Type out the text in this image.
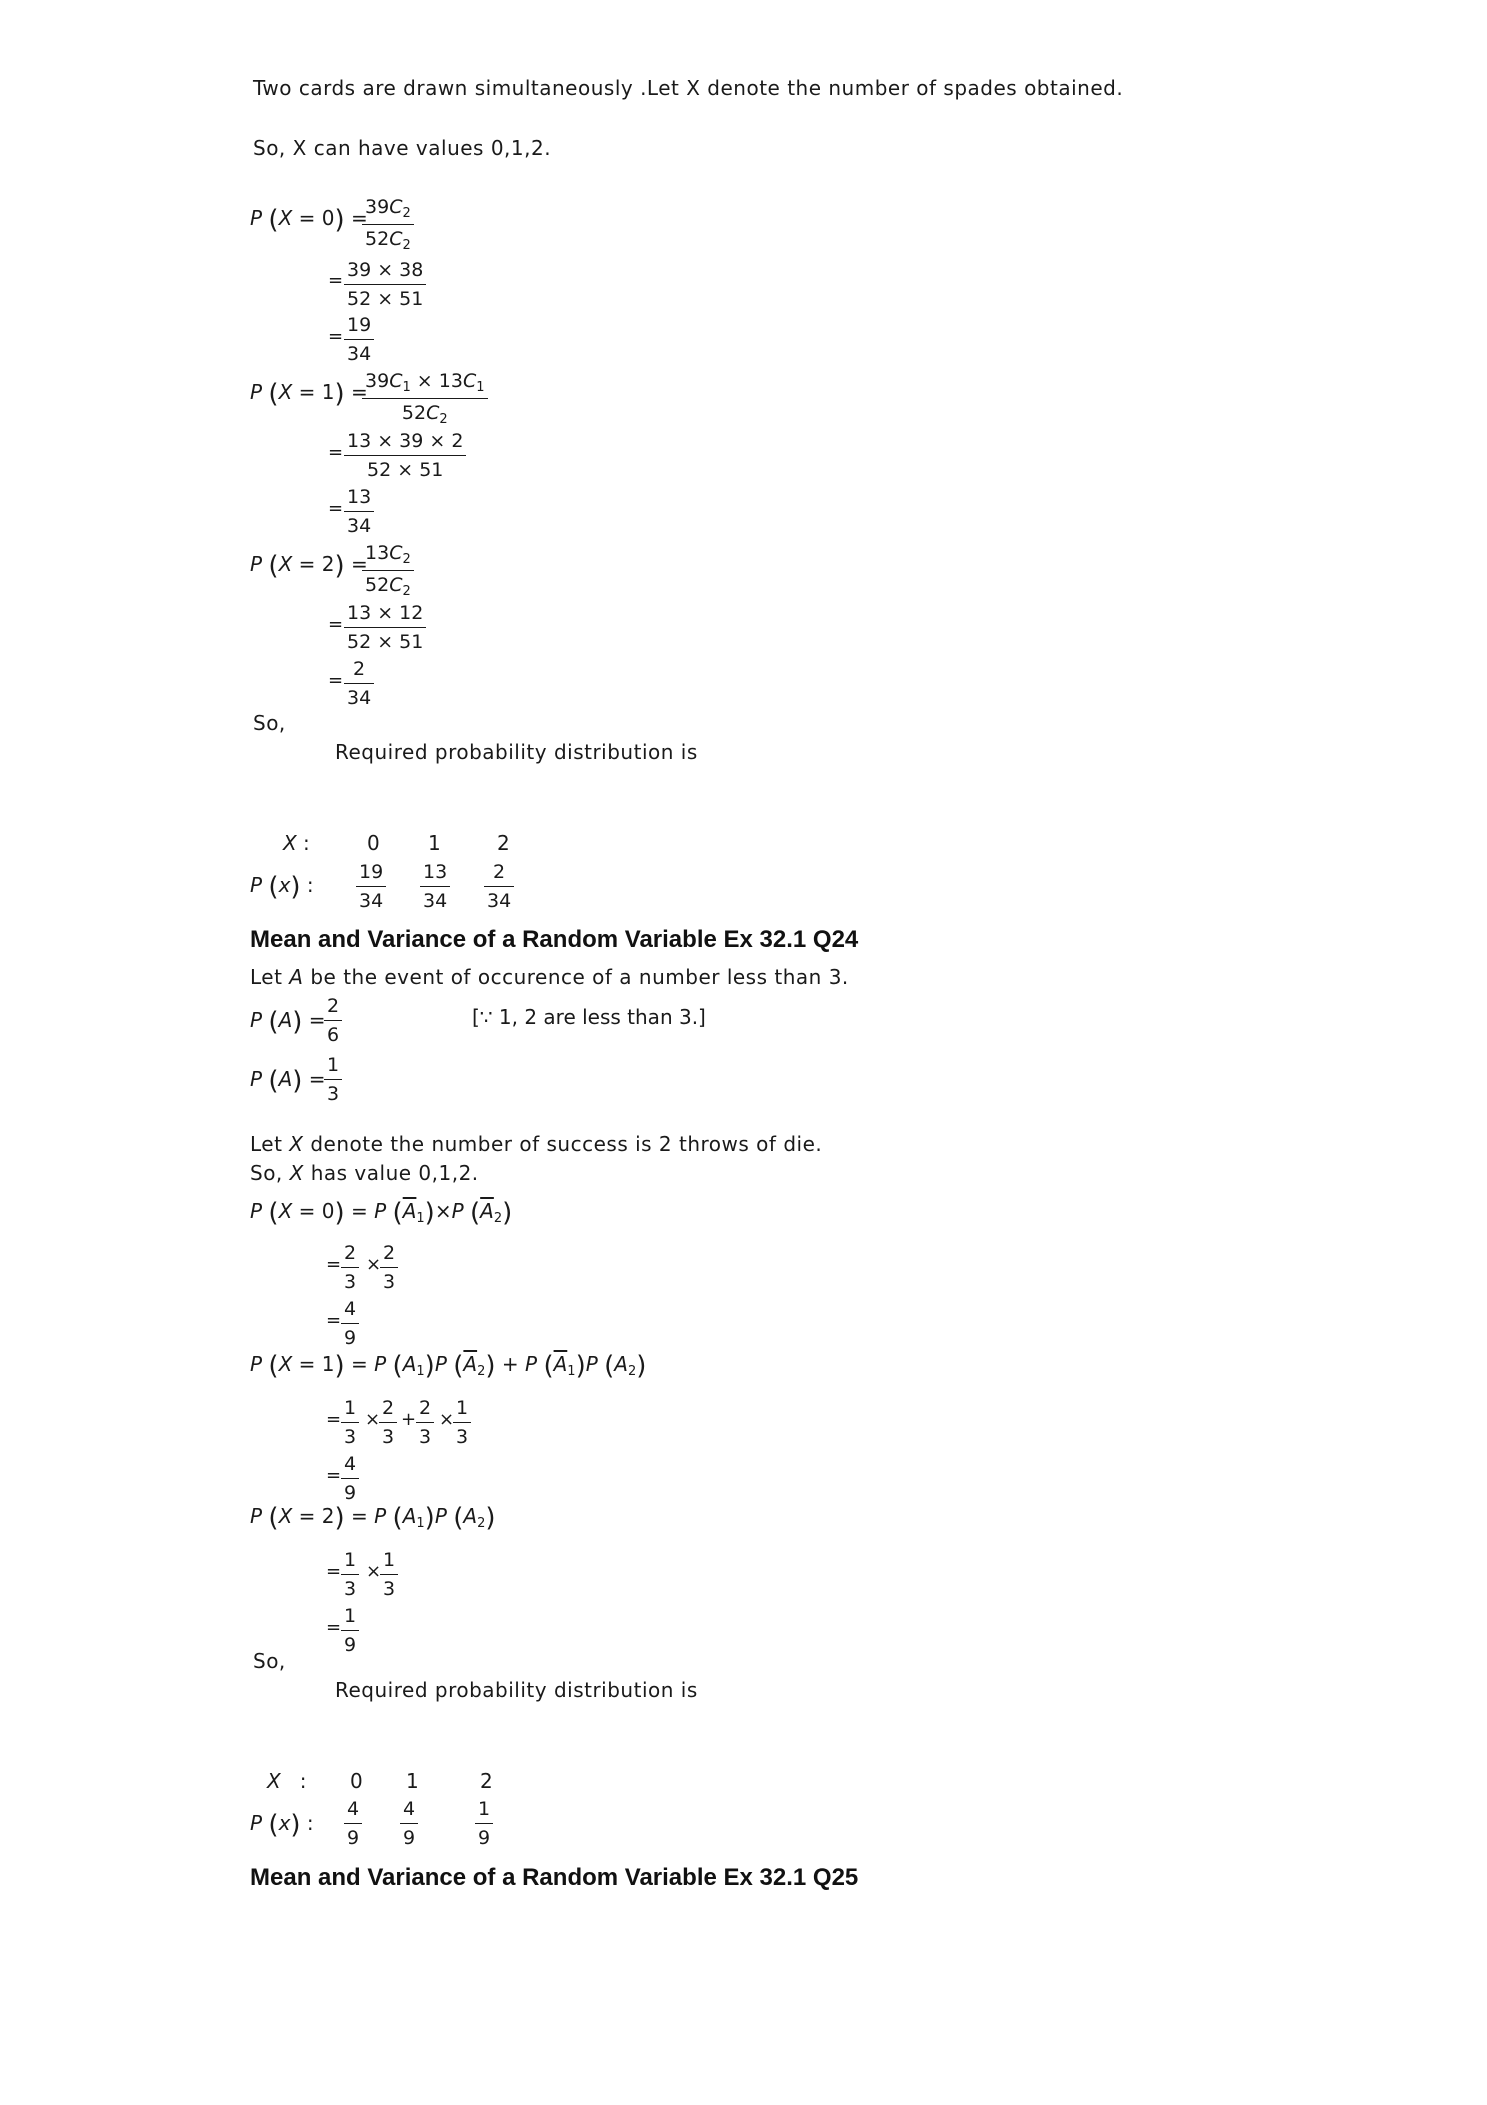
Two cards are drawn simultaneously .Let X denote the number of spades obtained.
So, X can have values 0,1,2.
P (X = 0) =
$\frac{39C_2}{52C_2}$
= $\frac{39 \times 38}{52 \times 51}$
= $\frac{19}{34}$
P (X = 1) =
$\frac{39C_1 \times 13C_1}{52C_2}$
= $\frac{13 \times 39 \times 2}{52 \times 51}$
= $\frac{13}{34}$
P (X = 2) =
$\frac{13C_2}{52C_2}$
= $\frac{13 \times 12}{52 \times 51}$
= $\frac{2}{34}$
So,
Required probability distribution is
X :	0 1	2
P (x) : $\frac{19}{34} \frac{13}{34} \frac{2}{34}$
Mean and Variance of a Random Variable Ex 32.1 Q24
Let A be the event of occurence of a number less than 3.
P (A) =
$\frac{2}{6}$	[∵ 1, 2 are less than 3.]
P (A) =
$\frac{1}{3}$
Let X denote the number of success is 2 throws of die.
So, X has value 0,1,2.
P (X = 0) = P $(\overline{A}_1)\times P$ $(\overline{A}_2)$
= $\frac{2}{3}$ ×
$\frac{2}{3}$
= $\frac{4}{9}$
P (X = 1) = P $(A_1)P$ $(\overline{A}_2) + P$ $(\overline{A}_1)P$ $(A_2)$
= $\frac{1}{3}$ ×
$\frac{2}{3} + \frac{2}{3}$ ×
$\frac{1}{3}$
= $\frac{4}{9}$
P (X = 2) = P $(A_1)P$ $(A_2)$
= $\frac{1}{3}$ ×
$\frac{1}{3}$
= $\frac{1}{9}$
So,
Required probability distribution is
X   : 0 1	2
P (x) : $\frac{4}{9} \frac{4}{9}$	$\frac{1}{9}$
Mean and Variance of a Random Variable Ex 32.1 Q25
